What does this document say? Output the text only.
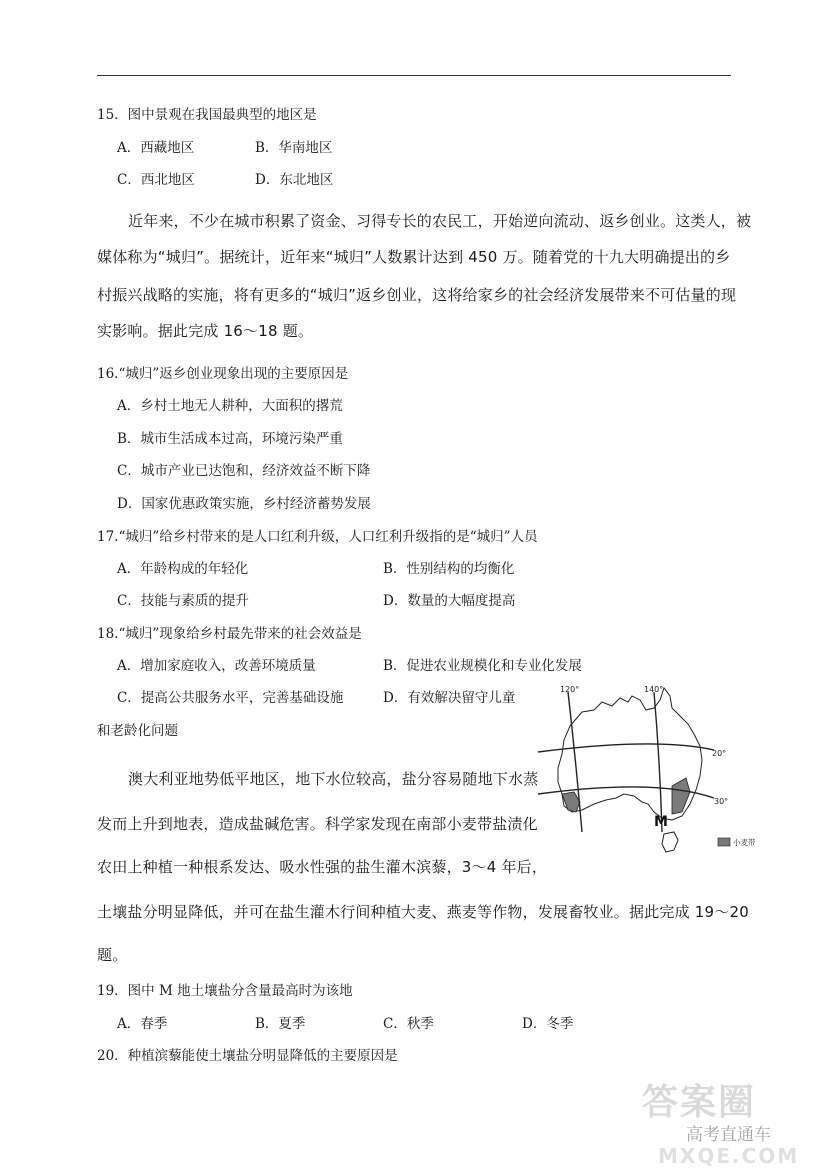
15．图中景观在我国最典型的地区是
A．西藏地区	B．华南地区
C．西北地区	D．东北地区
近年来，不少在城市积累了资金、习得专长的农民工，开始逆向流动、返乡创业。这类人，被
媒体称为“城归”。据统计，近年来“城归”人数累计达到 450 万。随着党的十九大明确提出的乡
村振兴战略的实施，将有更多的“城归”返乡创业，这将给家乡的社会经济发展带来不可估量的现
实影响。据此完成 16～18 题。
16.“城归”返乡创业现象出现的主要原因是
A．乡村土地无人耕种，大面积的撂荒
B．城市生活成本过高，环境污染严重
C．城市产业已达饱和，经济效益不断下降
D．国家优惠政策实施，乡村经济蓄势发展
17.“城归”给乡村带来的是人口红利升级，人口红利升级指的是“城归”人员
A．年龄构成的年轻化	B．性别结构的均衡化
C．技能与素质的提升	D．数量的大幅度提高
18.“城归”现象给乡村最先带来的社会效益是
A．增加家庭收入，改善环境质量	B．促进农业规模化和专业化发展
C．提高公共服务水平，完善基础设施	D．有效解决留守儿童
和老龄化问题
澳大利亚地势低平地区，地下水位较高，盐分容易随地下水蒸
发而上升到地表，造成盐碱危害。科学家发现在南部小麦带盐渍化
农田上种植一种根系发达、吸水性强的盐生灌木滨藜，3～4 年后，
土壤盐分明显降低，并可在盐生灌木行间种植大麦、燕麦等作物，发展畜牧业。据此完成 19～20
题。
120°	140°
20°
30°
M
小麦带
19．图中 M 地土壤盐分含量最高时为该地
A．春季	B．夏季	C．秋季	D．冬季
20．种植滨藜能使土壤盐分明显降低的主要原因是
答案圈
高考直通车
MXQE.COM
